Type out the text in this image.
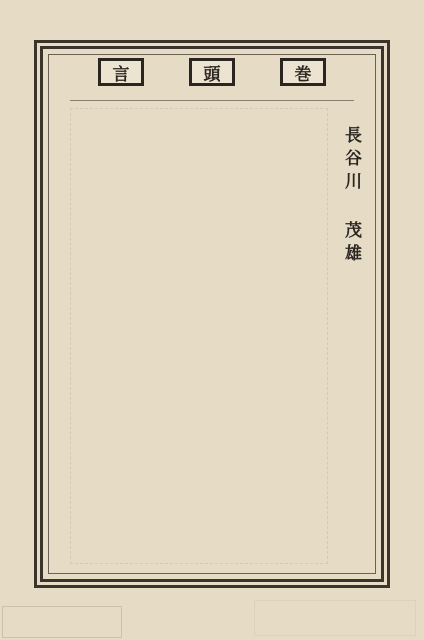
言	頭	巻
長谷川 茂雄
